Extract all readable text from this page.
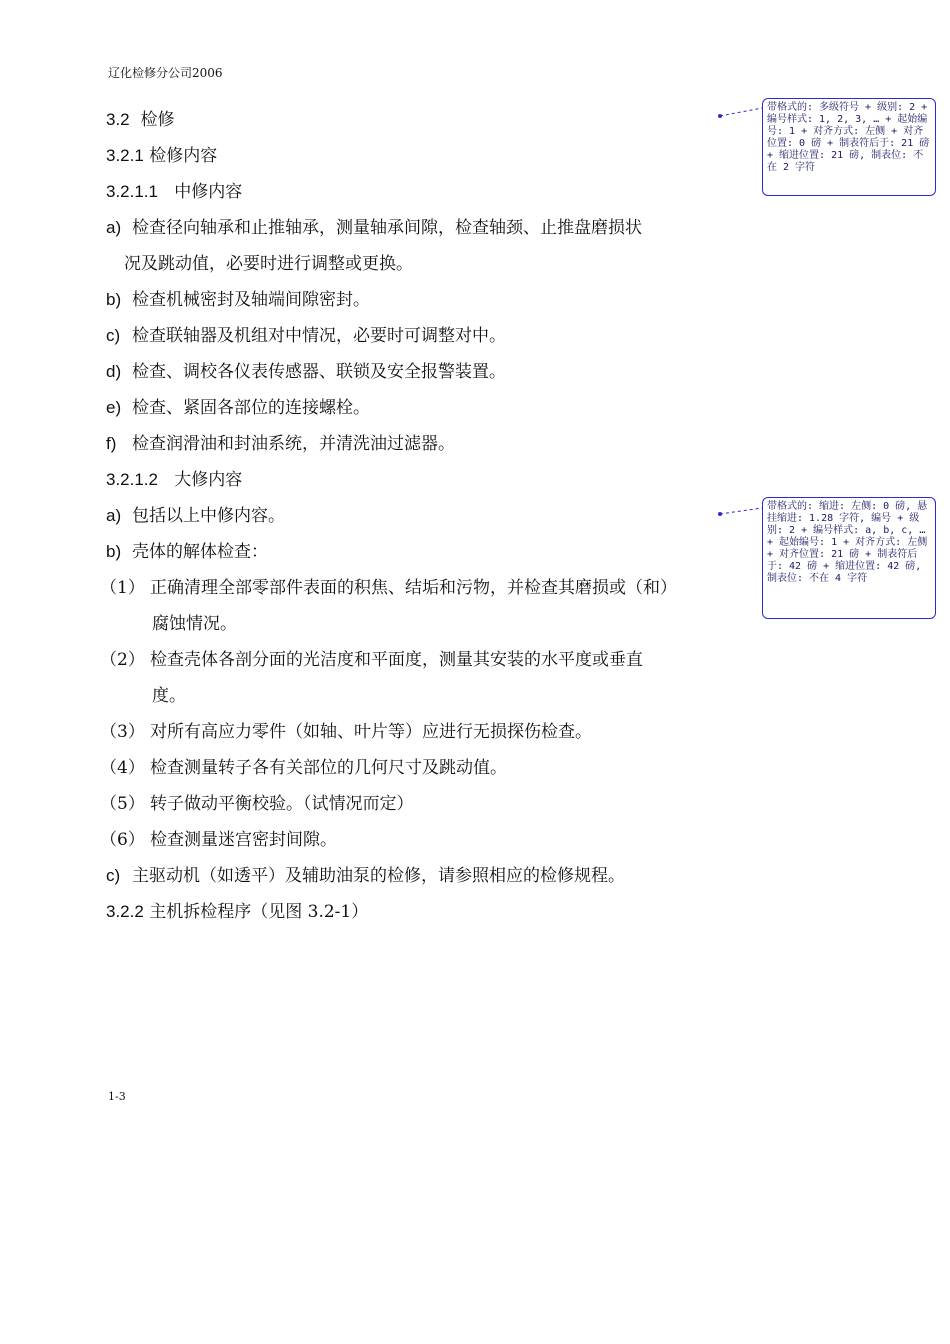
辽化检修分公司2006
3.2 检修
3.2.1 检修内容
3.2.1.1 中修内容
a) 检查径向轴承和止推轴承，测量轴承间隙，检查轴颈、止推盘磨损状
况及跳动值，必要时进行调整或更换。
b) 检查机械密封及轴端间隙密封。
c) 检查联轴器及机组对中情况，必要时可调整对中。
d) 检查、调校各仪表传感器、联锁及安全报警装置。
e) 检查、紧固各部位的连接螺栓。
f) 检查润滑油和封油系统，并清洗油过滤器。
3.2.1.2 大修内容
a) 包括以上中修内容。
b) 壳体的解体检查：
（1） 正确清理全部零部件表面的积焦、结垢和污物，并检查其磨损或（和）
腐蚀情况。
（2） 检查壳体各剖分面的光洁度和平面度，测量其安装的水平度或垂直
度。
（3） 对所有高应力零件（如轴、叶片等）应进行无损探伤检查。
（4） 检查测量转子各有关部位的几何尺寸及跳动值。
（5） 转子做动平衡校验。（试情况而定）
（6） 检查测量迷宫密封间隙。
c) 主驱动机（如透平）及辅助油泵的检修，请参照相应的检修规程。
3.2.2 主机拆检程序（见图 3.2-1）
带格式的: 多级符号 + 级别: 2 + 编号样式: 1, 2, 3, … + 起始编号: 1 + 对齐方式: 左侧 + 对齐位置: 0 磅 + 制表符后于: 21 磅 + 缩进位置: 21 磅, 制表位: 不在 2 字符
带格式的: 缩进: 左侧: 0 磅, 悬挂缩进: 1.28 字符, 编号 + 级别: 2 + 编号样式: a, b, c, … + 起始编号: 1 + 对齐方式: 左侧 + 对齐位置: 21 磅 + 制表符后于: 42 磅 + 缩进位置: 42 磅, 制表位: 不在 4 字符
1-3
